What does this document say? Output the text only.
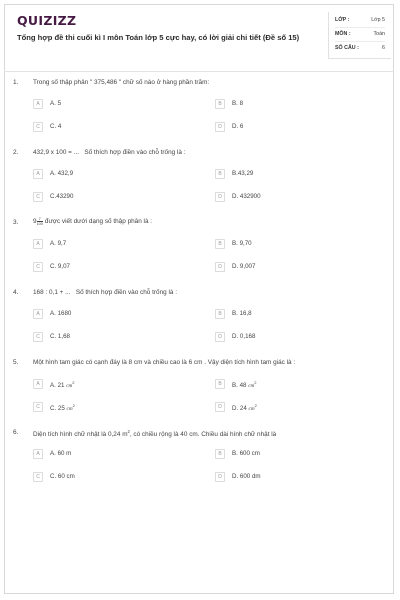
QUIZIZZ
Tổng hợp đề thi cuối kì I môn Toán lớp 5 cực hay, có lời giải chi tiết (Đề số 15)
LỚP :	Lớp 5
MÔN :	Toán
SỐ CÂU :	6
1. Trong số thập phân " 375,486 " chữ số nào ở hàng phần trăm:
A	A. 5	B	B. 8
C	C. 4	D	D. 6
2. 432,9 x 100 = ... Số thích hợp điền vào chỗ trống là :
A	A. 432,9	B	B.43,29
C	C.43290	D	D. 432900
3. $9 \frac{7}{100}$ được viết dưới dạng số thập phân là :
A	A. 9,7	B	B. 9,70
C	C. 9,07	D	D. 9,007
4. 168 : 0,1 + ... Số thích hợp điền vào chỗ trống là :
A	A. 1680	B	B. 16,8
C	C. 1,68	D	D. 0,168
5. Một hình tam giác có cạnh đáy là 8 cm và chiều cao là 6 cm . Vậy diện tích hình tam giác là :
A	A. 21 $cm^2$	B	B. 48 $cm^2$
C	C. 25 $cm^2$	D	D. 24 $cm^2$
6. Diện tích hình chữ nhật là 0,24 $m^2$, có chiều rộng là 40 cm. Chiều dài hình chữ nhật là
A	A. 60 m	B	B. 600 cm
C	C. 60 cm	D	D. 600 dm
